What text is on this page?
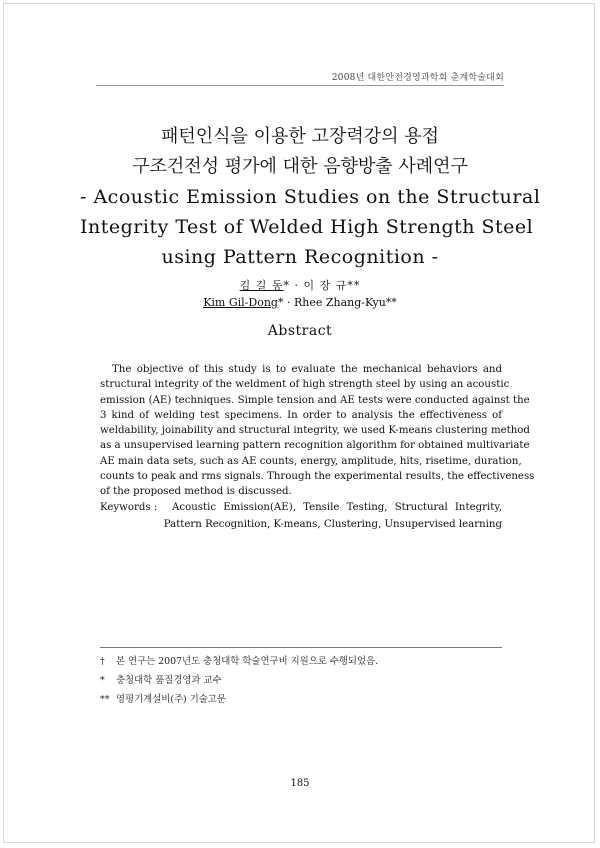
2008년 대한안전경영과학회 춘계학술대회
패턴인식을 이용한 고장력강의 용접
구조건전성 평가에 대한 음향방출 사례연구
- Acoustic Emission Studies on the Structural
Integrity Test of Welded High Strength Steel
using Pattern Recognition -
김 길 동* · 이 장 규**
Kim Gil-Dong* · Rhee Zhang-Kyu**
Abstract
The objective of this study is to evaluate the mechanical behaviors and
structural integrity of the weldment of high strength steel by using an acoustic
emission (AE) techniques. Simple tension and AE tests were conducted against the
3 kind of welding test specimens. In order to analysis the effectiveness of
weldability, joinability and structural integrity, we used K-means clustering method
as a unsupervised learning pattern recognition algorithm for obtained multivariate
AE main data sets, such as AE counts, energy, amplitude, hits, risetime, duration,
counts to peak and rms signals. Through the experimental results, the effectiveness
of the proposed method is discussed.
Keywords :	Acoustic Emission(AE), Tensile Testing, Structural Integrity,
Pattern Recognition, K-means, Clustering, Unsupervised learning
† 본 연구는 2007년도 충청대학 학술연구비 지원으로 수행되었음.
* 충청대학 품질경영과 교수
** 영평기계설비(주) 기술고문
185
